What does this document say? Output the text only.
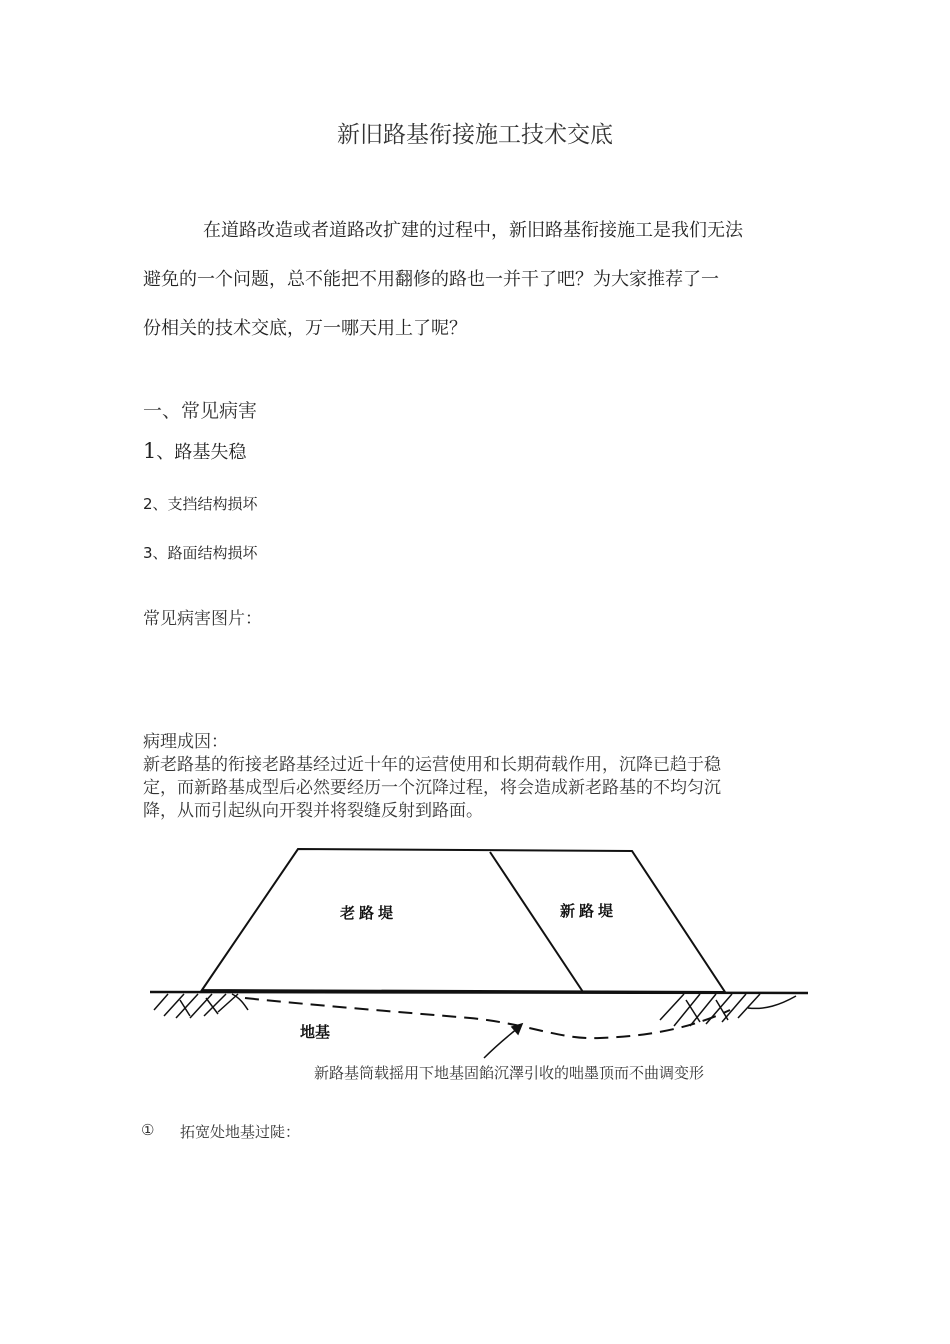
新旧路基衔接施工技术交底
在道路改造或者道路改扩建的过程中，新旧路基衔接施工是我们无法
避免的一个问题，总不能把不用翻修的路也一并干了吧？为大家推荐了一
份相关的技术交底，万一哪天用上了呢？
一、常见病害
1、路基失稳
2、支挡结构损坏
3、路面结构损坏
常见病害图片：
病理成因：
新老路基的衔接老路基经过近十年的运营使用和长期荷载作用，沉降已趋于稳
定，而新路基成型后必然要经历一个沉降过程，将会造成新老路基的不均匀沉
降，从而引起纵向开裂并将裂缝反射到路面。
老路堤	新路堤
地基
新路基筒载摇用下地基固餡沉澤引收的咄墨顶而不曲调变形
① 拓宽处地基过陡：
